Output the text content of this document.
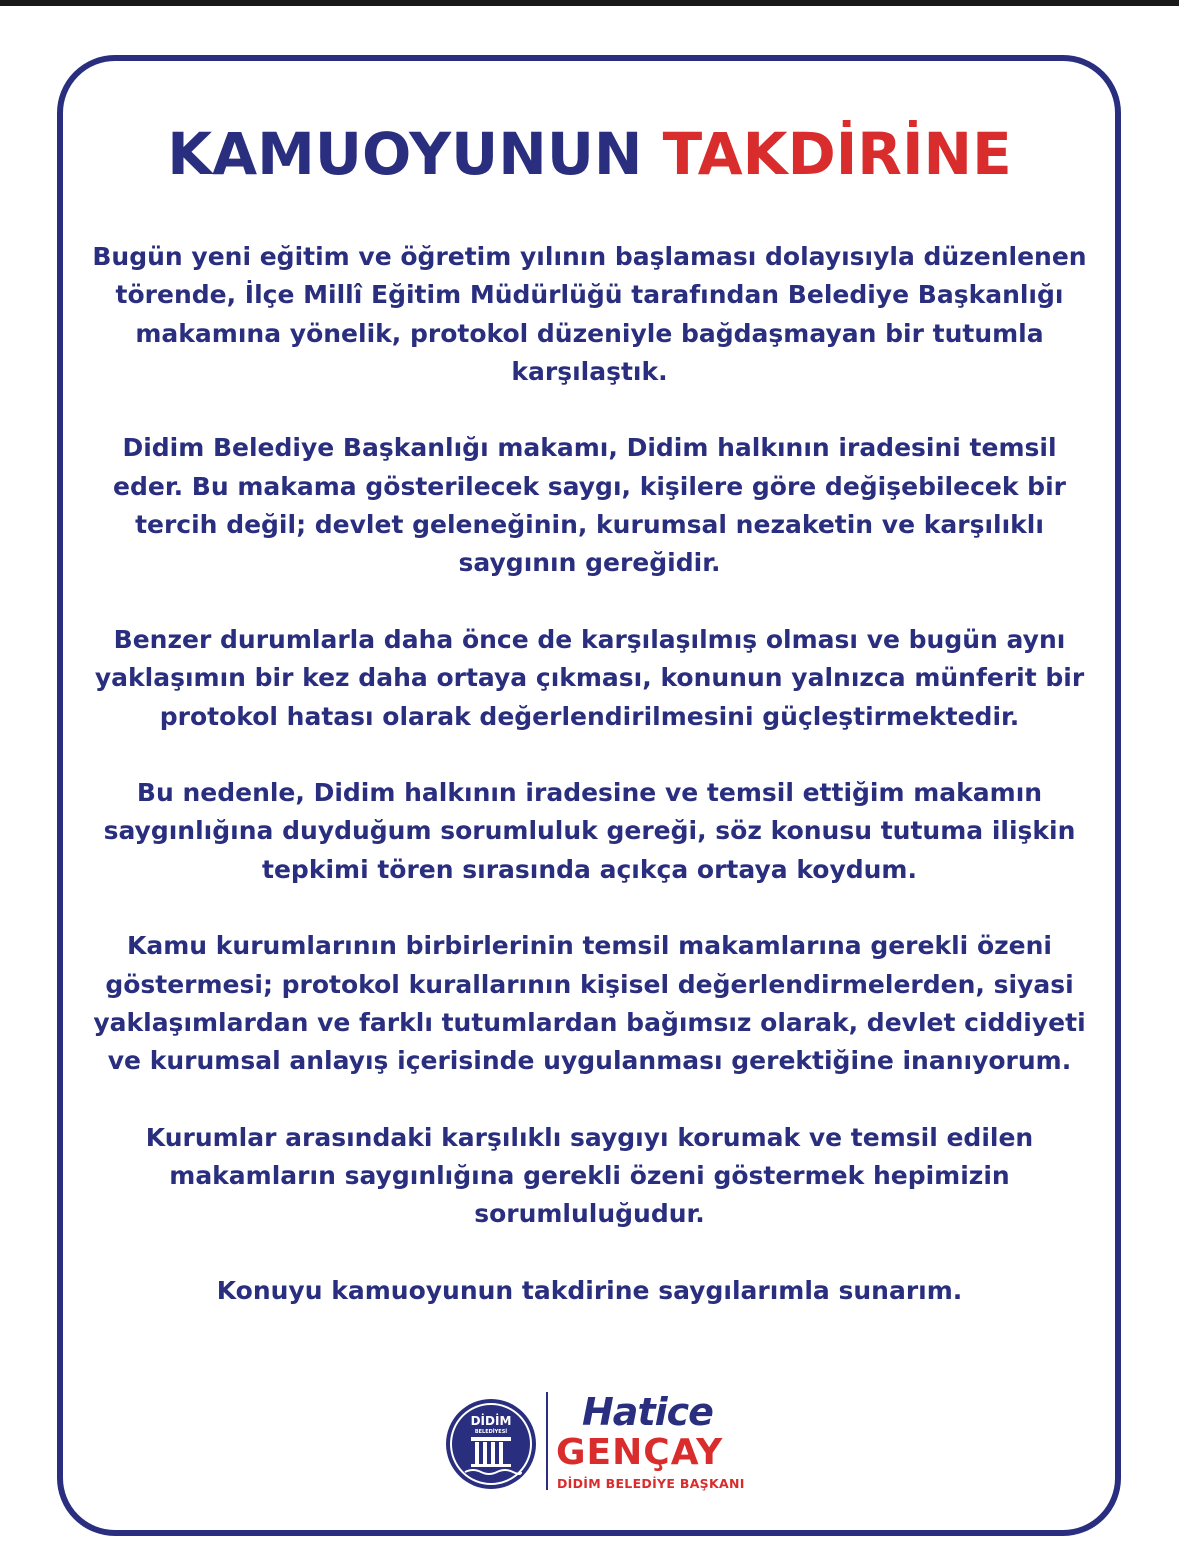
KAMUOYUNUN TAKDİRİNE

Bugün yeni eğitim ve öğretim yılının başlaması dolayısıyla düzenlenen törende, İlçe Millî Eğitim Müdürlüğü tarafından Belediye Başkanlığı makamına yönelik, protokol düzeniyle bağdaşmayan bir tutumla karşılaştık.

Didim Belediye Başkanlığı makamı, Didim halkının iradesini temsil eder. Bu makama gösterilecek saygı, kişilere göre değişebilecek bir tercih değil; devlet geleneğinin, kurumsal nezaketin ve karşılıklı saygının gereğidir.

Benzer durumlarla daha önce de karşılaşılmış olması ve bugün aynı yaklaşımın bir kez daha ortaya çıkması, konunun yalnızca münferit bir protokol hatası olarak değerlendirilmesini güçleştirmektedir.

Bu nedenle, Didim halkının iradesine ve temsil ettiğim makamın saygınlığına duyduğum sorumluluk gereği, söz konusu tutuma ilişkin tepkimi tören sırasında açıkça ortaya koydum.

Kamu kurumlarının birbirlerinin temsil makamlarına gerekli özeni göstermesi; protokol kurallarının kişisel değerlendirmelerden, siyasi yaklaşımlardan ve farklı tutumlardan bağımsız olarak, devlet ciddiyeti ve kurumsal anlayış içerisinde uygulanması gerektiğine inanıyorum.

Kurumlar arasındaki karşılıklı saygıyı korumak ve temsil edilen makamların saygınlığına gerekli özeni göstermek hepimizin sorumluluğudur.

Konuyu kamuoyunun takdirine saygılarımla sunarım.

DİDİM
BELEDİYESİ Hatice
GENÇAY
DİDİM BELEDİYE BAŞKANI
